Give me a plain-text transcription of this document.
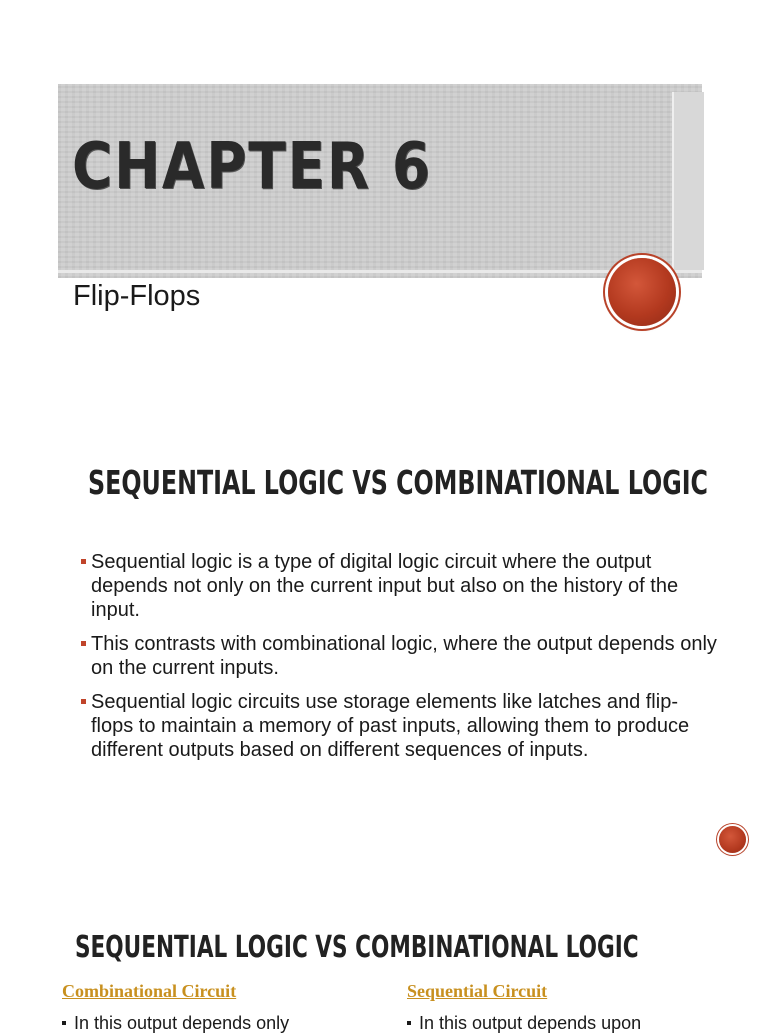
CHAPTER 6
Flip-Flops
SEQUENTIAL LOGIC VS COMBINATIONAL LOGIC
Sequential logic is a type of digital logic circuit where the output depends not only on the current input but also on the history of the input.
This contrasts with combinational logic, where the output depends only on the current inputs.
Sequential logic circuits use storage elements like latches and flip-flops to maintain a memory of past inputs, allowing them to produce different outputs based on different sequences of inputs.
SEQUENTIAL LOGIC VS COMBINATIONAL LOGIC
Combinational Circuit	Sequential Circuit

In this output depends only	In this output depends upon
